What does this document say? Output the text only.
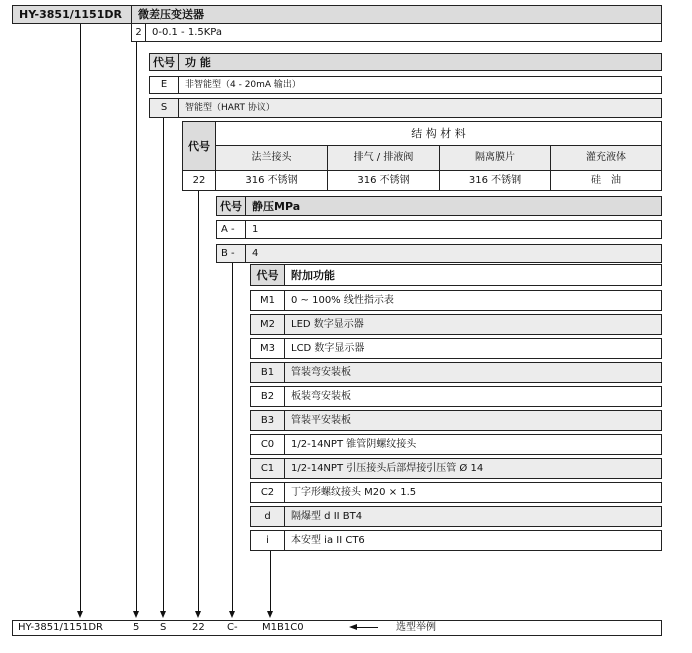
HY-3851/1151DR 微差压变送器
2 0-0.1 - 1.5KPa
代号 功 能
E 非智能型（4 - 20mA 输出）
S 智能型（HART 协议）
代号
结 构 材 料
法兰接头	排气 / 排液阀	隔离膜片	灌充液体
22	316 不锈钢	316 不锈钢	316 不锈钢	硅　油
代号 静压MPa
A - 1
B - 4
代号 附加功能
M1 0 ~ 100% 线性指示表
M2 LED 数字显示器
M3 LCD 数字显示器
B1 管装弯安装板
B2 板装弯安装板
B3 管装平安装板
C0 1/2-14NPT 锥管阴螺纹接头
C1 1/2-14NPT 引压接头后部焊接引压管 Ø 14
C2 丁字形螺纹接头 M20 × 1.5
d 隔爆型 d II BT4
i 本安型 ia II CT6
HY-3851/1151DR	5 S	22 C- M1B1C0	选型举例
